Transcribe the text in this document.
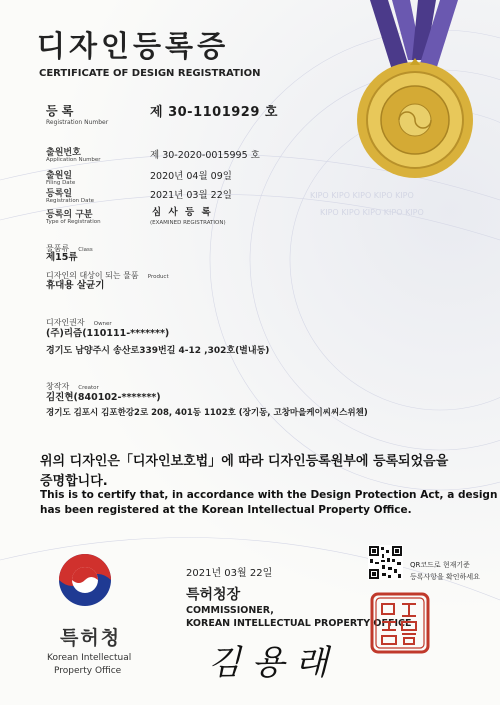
KIPO KIPO KIPO KIPO KIPO
KIPO KIPO KIPO KIPO KIPO
디자인등록증
CERTIFICATE OF DESIGN REGISTRATION
등 록
Registration Number
제 30-1101929 호
출원번호
Application Number	제 30-2020-0015995 호
출원일
Filing Date
2020년 04월 09일
등록일
Registration Date	2021년 03월 22일
등록의 구분
Type of Registration
심 사 등 록
(EXAMINED REGISTRATION)
물품류 Class
제15류
디자인의 대상이 되는 물품 Product
휴대용 살균기
디자인권자 Owner
(주)리즘(110111-*******)
경기도 남양주시 송산로339번길 4-12 ,302호(별내동)
창작자 Creator
김진현(840102-*******)
경기도 김포시 김포한강2로 208, 401동 1102호 (장기동, 고창마을케이씨씨스위첸)
위의 디자인은「디자인보호법」에 따라 디자인등록원부에 등록되었음을
증명합니다.
This is to certify that, in accordance with the Design Protection Act, a design
has been registered at the Korean Intellectual Property Office.
특허청
Korean Intellectual
Property Office
2021년 03월 22일
특허청장
COMMISSIONER,
KOREAN INTELLECTUAL PROPERTY OFFICE
김 용 래
QR코드로 현재기준
등록사항을 확인하세요
